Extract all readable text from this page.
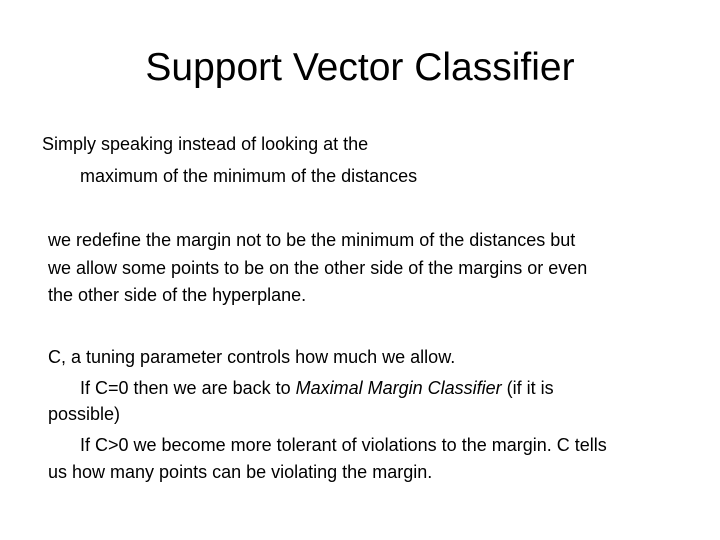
Support Vector Classifier
Simply speaking instead of looking at the
maximum of the minimum of the distances
we redefine the margin not to be the minimum of the distances but
we allow some points to be on the other side of the margins or even
the other side of the hyperplane.
C, a tuning parameter controls how much we allow.
If C=0 then we are back to Maximal Margin Classifier (if it is
possible)
If C>0 we become more tolerant of violations to the margin. C tells
us how many points can be violating the margin.
